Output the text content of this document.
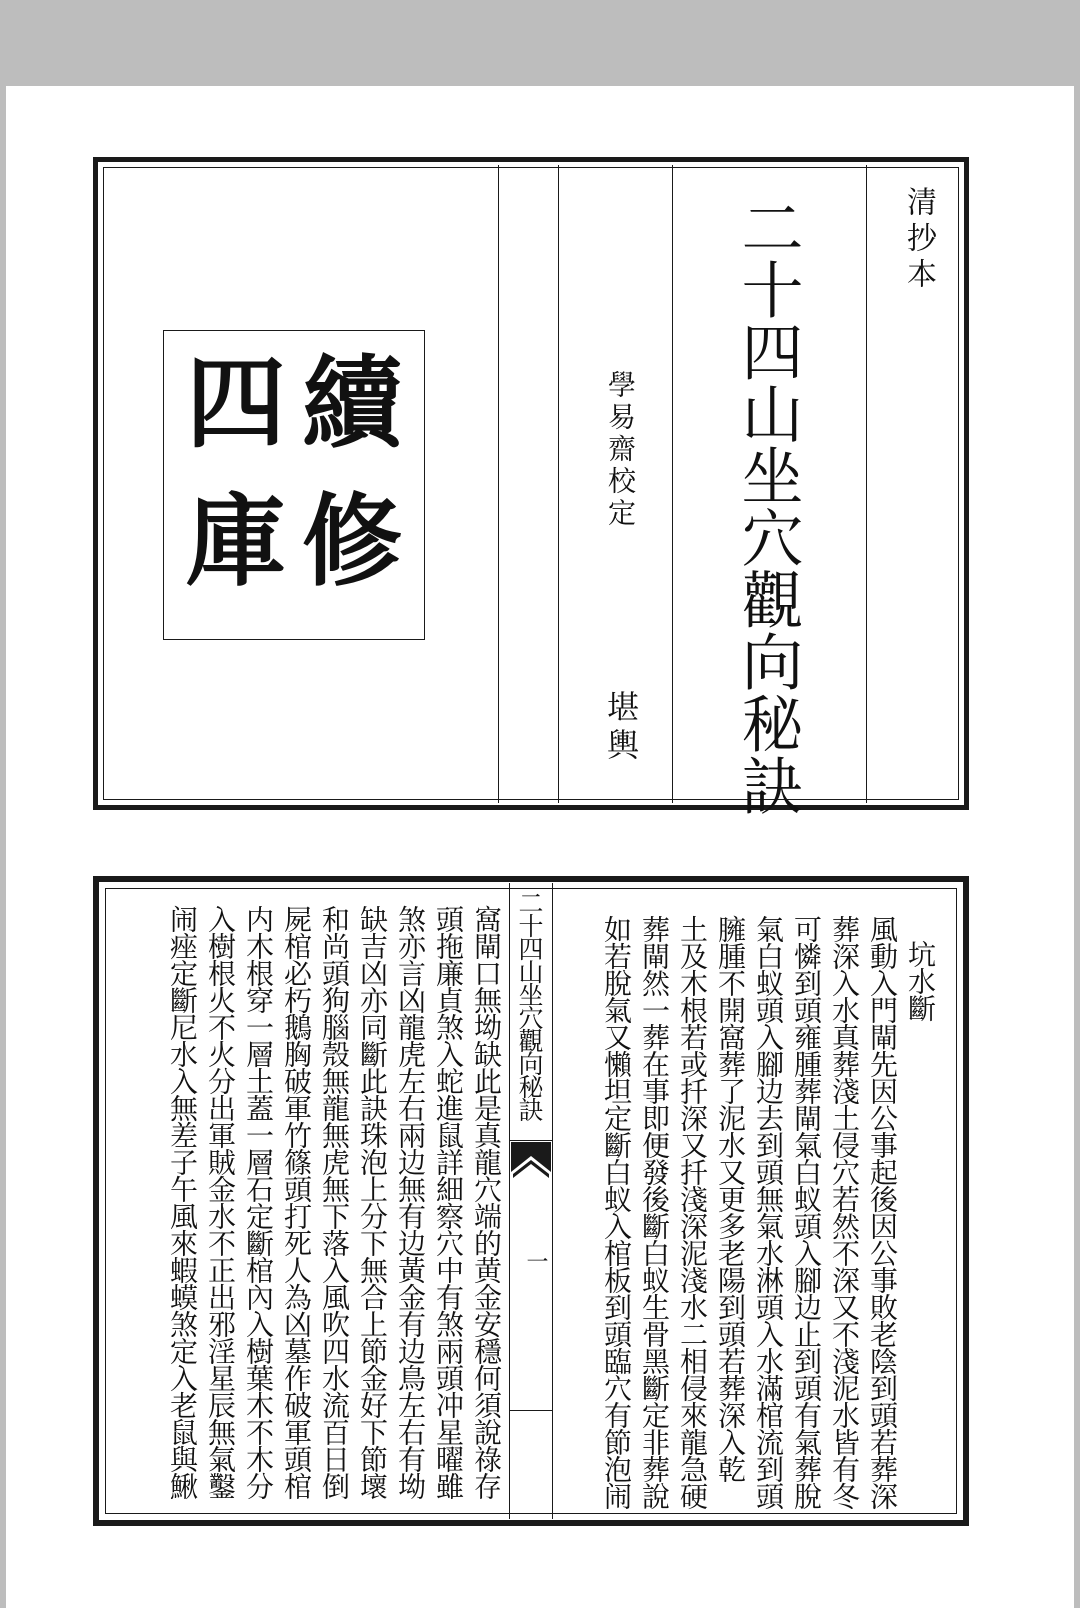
清抄本
二十四山坐穴觀向秘訣
學易齋校定
堪輿
續
修
四
庫
二十四山坐穴觀向秘訣
一
坑水斷
風動入門閘先因公事起後因公事敗老陰到頭若葬深
葬深入水真葬淺土侵穴若然不深又不淺泥水皆有冬
可憐到頭雍腫葬閘氣白蚁頭入腳边止到頭有氣葬脫
氣白蚁頭入腳边去到頭無氣水淋頭入水滿棺流到頭
臃腫不開窩葬了泥水又更多老陽到頭若葬深入乾
土及木根若或扦深又扦淺深泥淺水二相侵來龍急硬
葬閘然一葬在事即便發後斷白蚁生骨黑斷定非葬說
如若脫氣又懶坦定斷白蚁入棺板到頭臨穴有節泡闹
窩閘口無坳缺此是真龍穴端的黄金安穩何須說祿存
頭拖廉貞煞入蛇進鼠詳細察穴中有煞兩頭冲星曜雖
煞亦言凶龍虎左右兩边無有边黃金有边鳥左右有坳
缺吉凶亦同斷此訣珠泡上分下無合上節金好下節壞
和尚頭狗腦殼無龍無虎無下落入風吹四水流百日倒
屍棺必朽鵝胸破軍竹篠頭打死人為凶墓作破軍頭棺
内木根穿一層土蓋一層石定斷棺內入樹葉木不木分
入樹根火不火分出軍賊金水不正出邪淫星辰無氣鑿
闹痤定斷尼水入無差子午風來蝦蟆煞定入老鼠與鰍
